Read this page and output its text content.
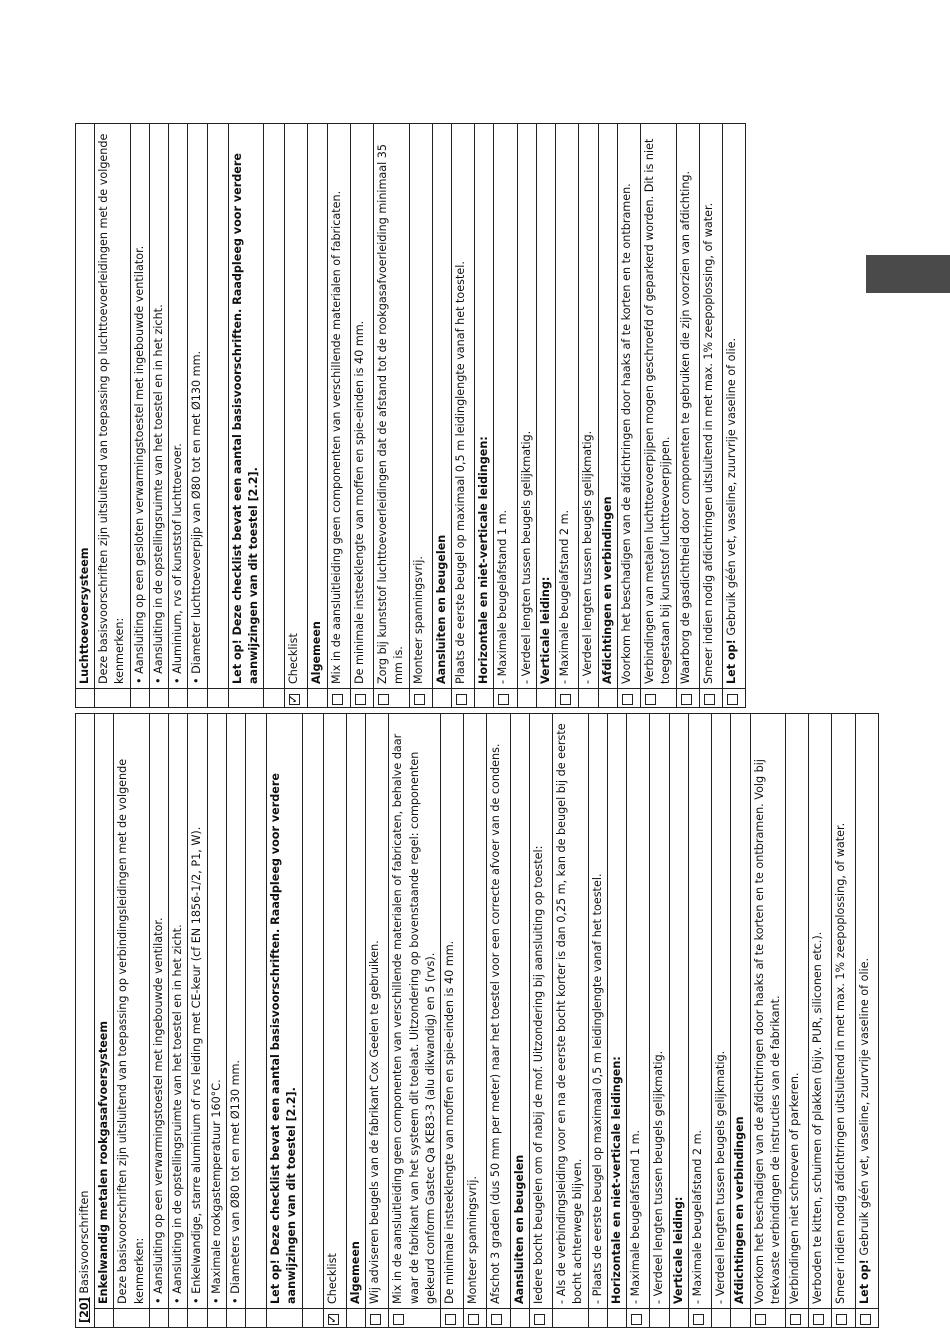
[20] Basisvoorschriften	
	Enkelwandig metalen rookgasafvoersysteem
	Deze basisvoorschriften zijn uitsluitend van toepassing op verbindingsleidingen met de volgende kenmerken:
	• Aansluiting op een verwarmingstoestel met ingebouwde ventilator.
	• Aansluiting in de opstellingsruimte van het toestel en in het zicht.
	• Enkelwandige, starre aluminium of rvs leiding met CE-keur (cf EN 1856-1/2, P1, W).
	• Maximale rookgastemperatuur 160°C.
	• Diameters van Ø80 tot en met Ø130 mm.

	Let op! Deze checklist bevat een aantal basisvoorschriften. Raadpleeg voor verdere aanwijzingen van dit toestel [2.2].

✓	Checklist
	Algemeen
	Wij adviseren beugels van de fabrikant Cox Geelen te gebruiken.
	Mix in de aansluitleiding geen componenten van verschillende materialen of fabricaten, behalve daar waar de fabrikant van het systeem dit toelaat. Uitzondering op bovenstaande regel: componenten gekeurd conform Gastec Qa KE83-3 (alu dikwandig) en 5 (rvs).
	De minimale insteeklengte van moffen en spie-einden is 40 mm.
	Monteer spanningsvrij.
	Afschot 3 graden (dus 50 mm per meter) naar het toestel voor een correcte afvoer van de condens.
	Aansluiten en beugelen
	Iedere bocht beugelen om of nabij de mof. Uitzondering bij aansluiting op toestel:
	- Als de verbindingsleiding voor en na de eerste bocht korter is dan 0,25 m, kan de beugel bij de eerste bocht achterwege blijven.
	- Plaats de eerste beugel op maximaal 0,5 m leidinglengte vanaf het toestel.
	Horizontale en niet-verticale leidingen:
	- Maximale beugelafstand 1 m.
	- Verdeel lengten tussen beugels gelijkmatig.
	Verticale leiding:
	- Maximale beugelafstand 2 m.
	- Verdeel lengten tussen beugels gelijkmatig.
	Afdichtingen en verbindingen
	Voorkom het beschadigen van de afdichtringen door haaks af te korten en te ontbramen. Volg bij trekvaste verbindingen de instructies van de fabrikant.
	Verbindingen niet schroeven of parkeren.
	Verboden te kitten, schuimen of plakken (bijv. PUR, siliconen etc.).
	Smeer indien nodig afdichtringen uitsluitend in met max. 1% zeepoplossing, of water.
	Let op! Gebruik géén vet, vaseline, zuurvrije vaseline of olie.
	Luchttoevoersysteem
	Deze basisvoorschriften zijn uitsluitend van toepassing op luchttoevoerleidingen met de volgende kenmerken:
	• Aansluiting op een gesloten verwarmingstoestel met ingebouwde ventilator.
	• Aansluiting in de opstellingsruimte van het toestel en in het zicht.
	• Aluminium, rvs of kunststof luchttoevoer.
	• Diameter luchttoevoerpijp van Ø80 tot en met Ø130 mm.

	Let op! Deze checklist bevat een aantal basisvoorschriften. Raadpleeg voor verdere aanwijzingen van dit toestel [2.2].

✓	Checklist
	Algemeen
	Mix in de aansluitleiding geen componenten van verschillende materialen of fabricaten.
	De minimale insteeklengte van moffen en spie-einden is 40 mm.
	Zorg bij kunststof luchttoevoerleidingen dat de afstand tot de rookgasafvoerleiding minimaal 35 mm is.
	Monteer spanningsvrij.
	Aansluiten en beugelen
	Plaats de eerste beugel op maximaal 0,5 m leidinglengte vanaf het toestel.
	Horizontale en niet-verticale leidingen:
	- Maximale beugelafstand 1 m.
	- Verdeel lengten tussen beugels gelijkmatig.
	Verticale leiding:
	- Maximale beugelafstand 2 m.
	- Verdeel lengten tussen beugels gelijkmatig.
	Afdichtingen en verbindingen
	Voorkom het beschadigen van de afdichtringen door haaks af te korten en te ontbramen.
	Verbindingen van metalen luchttoevoerpijpen mogen geschroefd of geparkerd worden. Dit is niet toegestaan bij kunststof luchttoevoerpijpen.
	Waarborg de gasdichtheid door componenten te gebruiken die zijn voorzien van afdichting.
	Smeer indien nodig afdichtringen uitsluitend in met max. 1% zeepoplossing, of water.
	Let op! Gebruik géén vet, vaseline, zuurvrije vaseline of olie.
